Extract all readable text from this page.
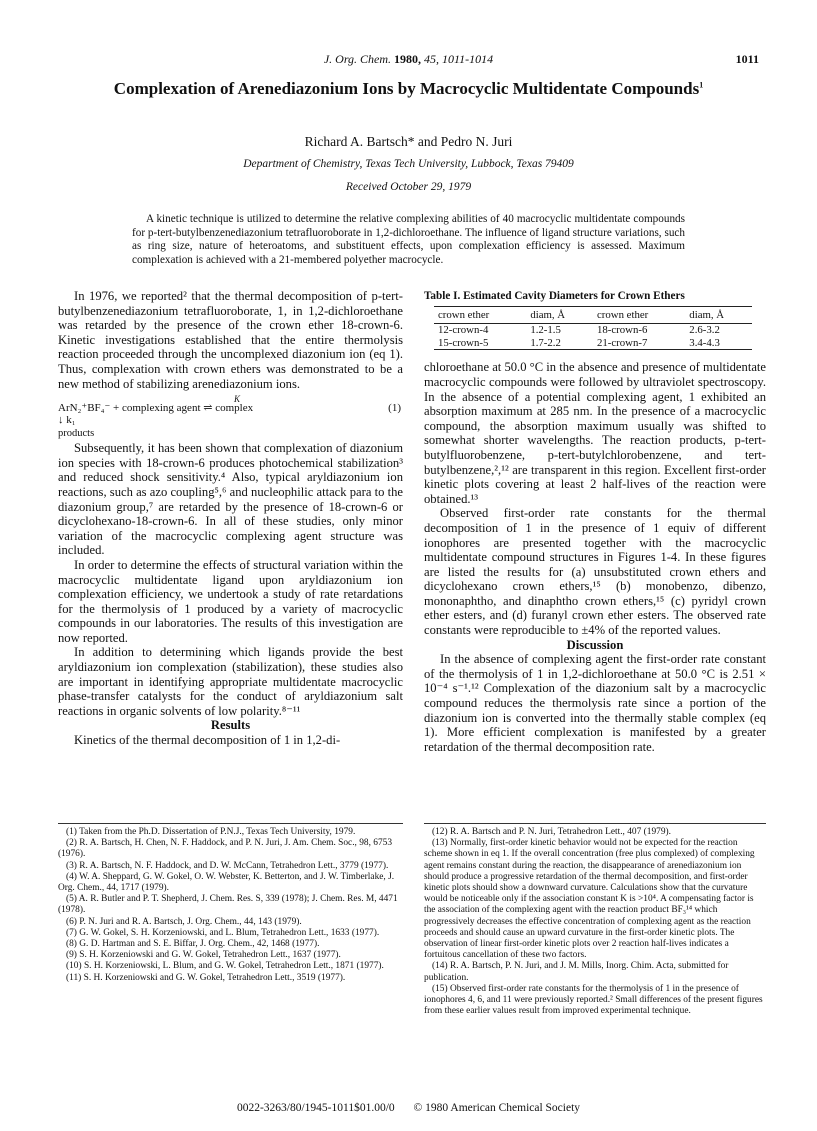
J. Org. Chem. 1980, 45, 1011-1014	1011
Complexation of Arenediazonium Ions by Macrocyclic Multidentate Compounds$^1$
Richard A. Bartsch* and Pedro N. Juri
Department of Chemistry, Texas Tech University, Lubbock, Texas 79409
Received October 29, 1979
A kinetic technique is utilized to determine the relative complexing abilities of 40 macrocyclic multidentate compounds for p-tert-butylbenzenediazonium tetrafluoroborate in 1,2-dichloroethane. The influence of ligand structure variations, such as ring size, nature of heteroatoms, and substituent effects, upon complexation efficiency is assessed. Maximum complexation is achieved with a 21-membered polyether macrocycle.

In 1976, we reported² that the thermal decomposition of p-tert-butylbenzenediazonium tetrafluoroborate, 1, in 1,2-dichloroethane was retarded by the presence of the crown ether 18-crown-6. Kinetic investigations established that the entire thermolysis reaction proceeded through the uncomplexed diazonium ion (eq 1). Thus, complexation with crown ethers was demonstrated to be a new method of stabilizing arenediazonium ions.

K
ArN₂⁺BF₄⁻ + complexing agent ⇌ complex	(1)
↓ k₁
products

Subsequently, it has been shown that complexation of diazonium ion species with 18-crown-6 produces photochemical stabilization³ and reduced shock sensitivity.⁴ Also, typical aryldiazonium ion reactions, such as azo coupling⁵,⁶ and nucleophilic attack para to the diazonium group,⁷ are retarded by the presence of 18-crown-6 or dicyclohexano-18-crown-6. In all of these studies, only minor variation of the macrocyclic complexing agent structure was included.

In order to determine the effects of structural variation within the macrocyclic multidentate ligand upon aryldiazonium ion complexation efficiency, we undertook a study of rate retardations for the thermolysis of 1 produced by a variety of macrocyclic compounds in our laboratories. The results of this investigation are now reported.

In addition to determining which ligands provide the best aryldiazonium ion complexation (stabilization), these studies also are important in identifying appropriate multidentate macrocyclic phase-transfer catalysts for the conduct of aryldiazonium salt reactions in organic solvents of low polarity.⁸⁻¹¹

Results

Kinetics of the thermal decomposition of 1 in 1,2-di-

Table I. Estimated Cavity Diameters for Crown Ethers
crown ether	diam, Å	crown ether	diam, Å
12-crown-4	1.2-1.5	18-crown-6	2.6-3.2
15-crown-5	1.7-2.2	21-crown-7	3.4-4.3

chloroethane at 50.0 °C in the absence and presence of multidentate macrocyclic compounds were followed by ultraviolet spectroscopy. In the absence of a potential complexing agent, 1 exhibited an absorption maximum at 285 nm. In the presence of a macrocyclic compound, the absorption maximum usually was shifted to somewhat shorter wavelengths. The reaction products, p-tert-butylfluorobenzene, p-tert-butylchlorobenzene, and tert-butylbenzene,²,¹² are transparent in this region. Excellent first-order kinetic plots covering at least 2 half-lives of the reaction were obtained.¹³

Observed first-order rate constants for the thermal decomposition of 1 in the presence of 1 equiv of different ionophores are presented together with the macrocyclic multidentate compound structures in Figures 1-4. In these figures are listed the results for (a) unsubstituted crown ethers and dicyclohexano crown ethers,¹⁵ (b) monobenzo, dibenzo, mononaphtho, and dinaphtho crown ethers,¹⁵ (c) pyridyl crown ether esters, and (d) furanyl crown ether esters. The observed rate constants were reproducible to ±4% of the reported values.

Discussion

In the absence of complexing agent the first-order rate constant of the thermolysis of 1 in 1,2-dichloroethane at 50.0 °C is 2.51 × 10⁻⁴ s⁻¹.¹² Complexation of the diazonium salt by a macrocyclic compound reduces the thermolysis rate since a portion of the diazonium ion is converted into the thermally stable complex (eq 1). More efficient complexation is manifested by a greater retardation of the thermal decomposition rate.

(1) Taken from the Ph.D. Dissertation of P.N.J., Texas Tech University, 1979.
(2) R. A. Bartsch, H. Chen, N. F. Haddock, and P. N. Juri, J. Am. Chem. Soc., 98, 6753 (1976).
(3) R. A. Bartsch, N. F. Haddock, and D. W. McCann, Tetrahedron Lett., 3779 (1977).
(4) W. A. Sheppard, G. W. Gokel, O. W. Webster, K. Betterton, and J. W. Timberlake, J. Org. Chem., 44, 1717 (1979).
(5) A. R. Butler and P. T. Shepherd, J. Chem. Res. S, 339 (1978); J. Chem. Res. M, 4471 (1978).
(6) P. N. Juri and R. A. Bartsch, J. Org. Chem., 44, 143 (1979).
(7) G. W. Gokel, S. H. Korzeniowski, and L. Blum, Tetrahedron Lett., 1633 (1977).
(8) G. D. Hartman and S. E. Biffar, J. Org. Chem., 42, 1468 (1977).
(9) S. H. Korzeniowski and G. W. Gokel, Tetrahedron Lett., 1637 (1977).
(10) S. H. Korzeniowski, L. Blum, and G. W. Gokel, Tetrahedron Lett., 1871 (1977).
(11) S. H. Korzeniowski and G. W. Gokel, Tetrahedron Lett., 3519 (1977).
(12) R. A. Bartsch and P. N. Juri, Tetrahedron Lett., 407 (1979).
(13) Normally, first-order kinetic behavior would not be expected for the reaction scheme shown in eq 1. If the overall concentration (free plus complexed) of complexing agent remains constant during the reaction, the disappearance of arenediazonium ion should produce a progressive retardation of the thermal decomposition, and first-order kinetic plots should show a downward curvature. Calculations show that the curvature would be noticeable only if the association constant K is >10⁴. A compensating factor is the association of the complexing agent with the reaction product BF₃¹⁴ which progressively decreases the effective concentration of complexing agent as the reaction proceeds and should cause an upward curvature in the first-order kinetic plots. The observation of linear first-order kinetic plots over 2 reaction half-lives indicates a fortuitous cancellation of these two factors.
(14) R. A. Bartsch, P. N. Juri, and J. M. Mills, Inorg. Chim. Acta, submitted for publication.
(15) Observed first-order rate constants for the thermolysis of 1 in the presence of ionophores 4, 6, and 11 were previously reported.² Small differences of the present figures from these earlier values result from improved experimental technique.
0022-3263/80/1945-1011$01.00/0 © 1980 American Chemical Society
